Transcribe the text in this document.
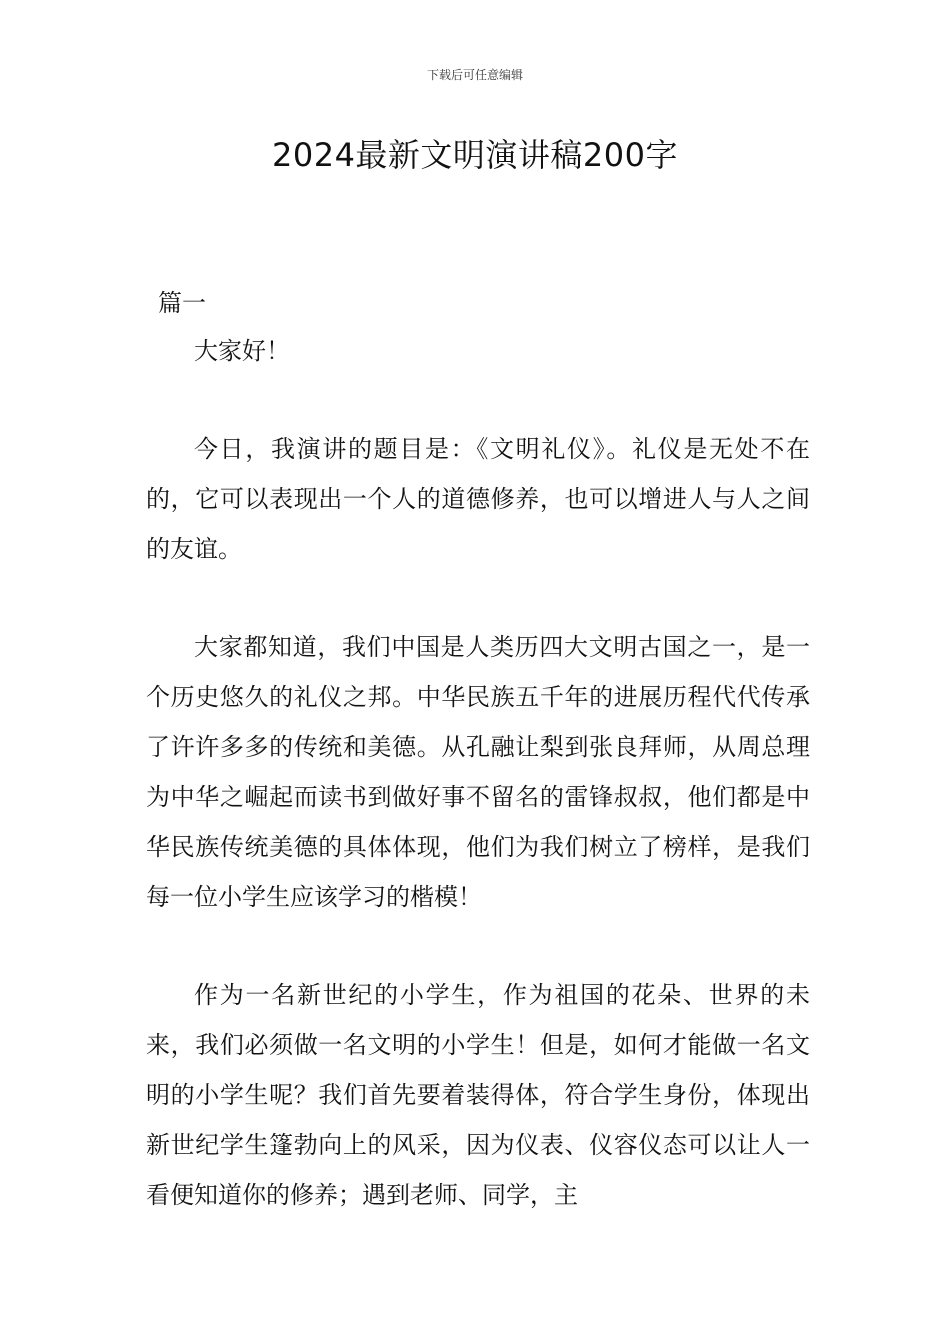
下载后可任意编辑
2024最新文明演讲稿200字
篇一

大家好！

今日，我演讲的题目是：《文明礼仪》。礼仪是无处不在的，它可以表现出一个人的道德修养，也可以增进人与人之间的友谊。

大家都知道，我们中国是人类历四大文明古国之一，是一个历史悠久的礼仪之邦。中华民族五千年的进展历程代代传承了许许多多的传统和美德。从孔融让梨到张良拜师，从周总理为中华之崛起而读书到做好事不留名的雷锋叔叔，他们都是中华民族传统美德的具体体现，他们为我们树立了榜样，是我们每一位小学生应该学习的楷模！

作为一名新世纪的小学生，作为祖国的花朵、世界的未来，我们必须做一名文明的小学生！但是，如何才能做一名文明的小学生呢？我们首先要着装得体，符合学生身份，体现出新世纪学生篷勃向上的风采，因为仪表、仪容仪态可以让人一看便知道你的修养；遇到老师、同学，主
